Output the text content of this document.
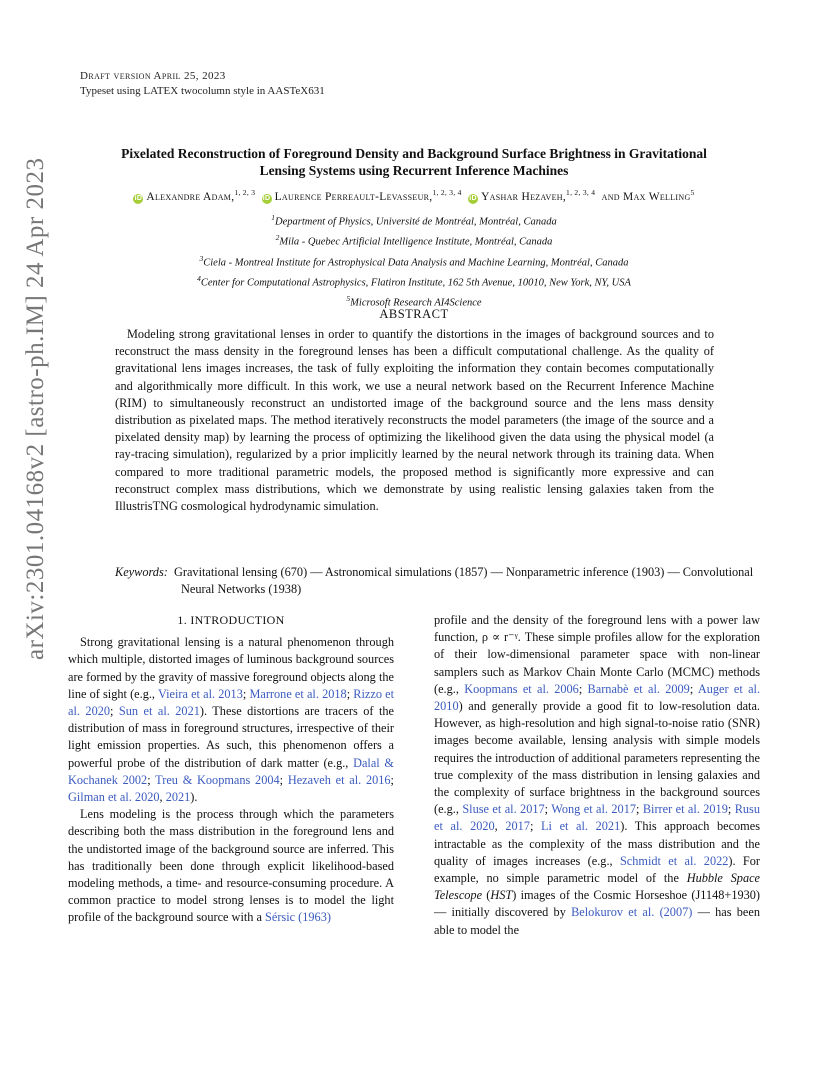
arXiv:2301.04168v2 [astro-ph.IM] 24 Apr 2023
Draft version April 25, 2023
Typeset using LATEX twocolumn style in AASTeX631
Pixelated Reconstruction of Foreground Density and Background Surface Brightness in Gravitational
Lensing Systems using Recurrent Inference Machines
iD Alexandre Adam,$^{1, 2, 3}$  iD Laurence Perreault-Levasseur,$^{1, 2, 3, 4}$  iD Yashar Hezaveh,$^{1, 2, 3, 4}$ and Max Welling$^5$
$^1$Department of Physics, Université de Montréal, Montréal, Canada
$^2$Mila - Quebec Artificial Intelligence Institute, Montréal, Canada
$^3$Ciela - Montreal Institute for Astrophysical Data Analysis and Machine Learning, Montréal, Canada
$^4$Center for Computational Astrophysics, Flatiron Institute, 162 5th Avenue, 10010, New York, NY, USA
$^5$Microsoft Research AI4Science
ABSTRACT
Modeling strong gravitational lenses in order to quantify the distortions in the images of background sources and to reconstruct the mass density in the foreground lenses has been a difficult computational challenge. As the quality of gravitational lens images increases, the task of fully exploiting the information they contain becomes computationally and algorithmically more difficult. In this work, we use a neural network based on the Recurrent Inference Machine (RIM) to simultaneously reconstruct an undistorted image of the background source and the lens mass density distribution as pixelated maps. The method iteratively reconstructs the model parameters (the image of the source and a pixelated density map) by learning the process of optimizing the likelihood given the data using the physical model (a ray-tracing simulation), regularized by a prior implicitly learned by the neural network through its training data. When compared to more traditional parametric models, the proposed method is significantly more expressive and can reconstruct complex mass distributions, which we demonstrate by using realistic lensing galaxies taken from the IllustrisTNG cosmological hydrodynamic simulation.
Keywords: Gravitational lensing (670) — Astronomical simulations (1857) — Nonparametric inference (1903) — Convolutional Neural Networks (1938)
1. INTRODUCTION

Strong gravitational lensing is a natural phenomenon through which multiple, distorted images of luminous background sources are formed by the gravity of massive foreground objects along the line of sight (e.g., Vieira et al. 2013; Marrone et al. 2018; Rizzo et al. 2020; Sun et al. 2021). These distortions are tracers of the distribution of mass in foreground structures, irrespective of their light emission properties. As such, this phenomenon offers a powerful probe of the distribution of dark matter (e.g., Dalal & Kochanek 2002; Treu & Koopmans 2004; Hezaveh et al. 2016; Gilman et al. 2020, 2021).

Lens modeling is the process through which the parameters describing both the mass distribution in the foreground lens and the undistorted image of the background source are inferred. This has traditionally been done through explicit likelihood-based modeling methods, a time- and resource-consuming procedure. A common practice to model strong lenses is to model the light profile of the background source with a Sérsic (1963)

profile and the density of the foreground lens with a power law function, ρ ∝ r⁻ᵞ. These simple profiles allow for the exploration of their low-dimensional parameter space with non-linear samplers such as Markov Chain Monte Carlo (MCMC) methods (e.g., Koopmans et al. 2006; Barnabè et al. 2009; Auger et al. 2010) and generally provide a good fit to low-resolution data. However, as high-resolution and high signal-to-noise ratio (SNR) images become available, lensing analysis with simple models requires the introduction of additional parameters representing the true complexity of the mass distribution in lensing galaxies and the complexity of surface brightness in the background sources (e.g., Sluse et al. 2017; Wong et al. 2017; Birrer et al. 2019; Rusu et al. 2020, 2017; Li et al. 2021). This approach becomes intractable as the complexity of the mass distribution and the quality of images increases (e.g., Schmidt et al. 2022). For example, no simple parametric model of the Hubble Space Telescope (HST) images of the Cosmic Horseshoe (J1148+1930) — initially discovered by Belokurov et al. (2007) — has been able to model the
